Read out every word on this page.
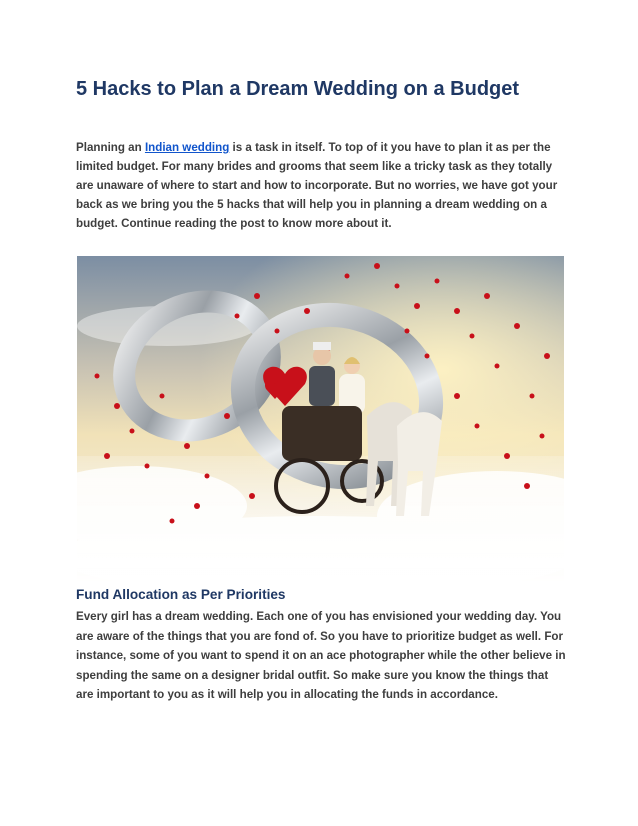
5 Hacks to Plan a Dream Wedding on a Budget

Planning an Indian wedding is a task in itself. To top of it you have to plan it as per the limited budget. For many brides and grooms that seem like a tricky task as they totally are unaware of where to start and how to incorporate. But no worries, we have got your back as we bring you the 5 hacks that will help you in planning a dream wedding on a budget. Continue reading the post to know more about it.

Fund Allocation as Per Priorities

Every girl has a dream wedding. Each one of you has envisioned your wedding day. You are aware of the things that you are fond of. So you have to prioritize budget as well. For instance, some of you want to spend it on an ace photographer while the other believe in spending the same on a designer bridal outfit. So make sure you know the things that are important to you as it will help you in allocating the funds in accordance.
